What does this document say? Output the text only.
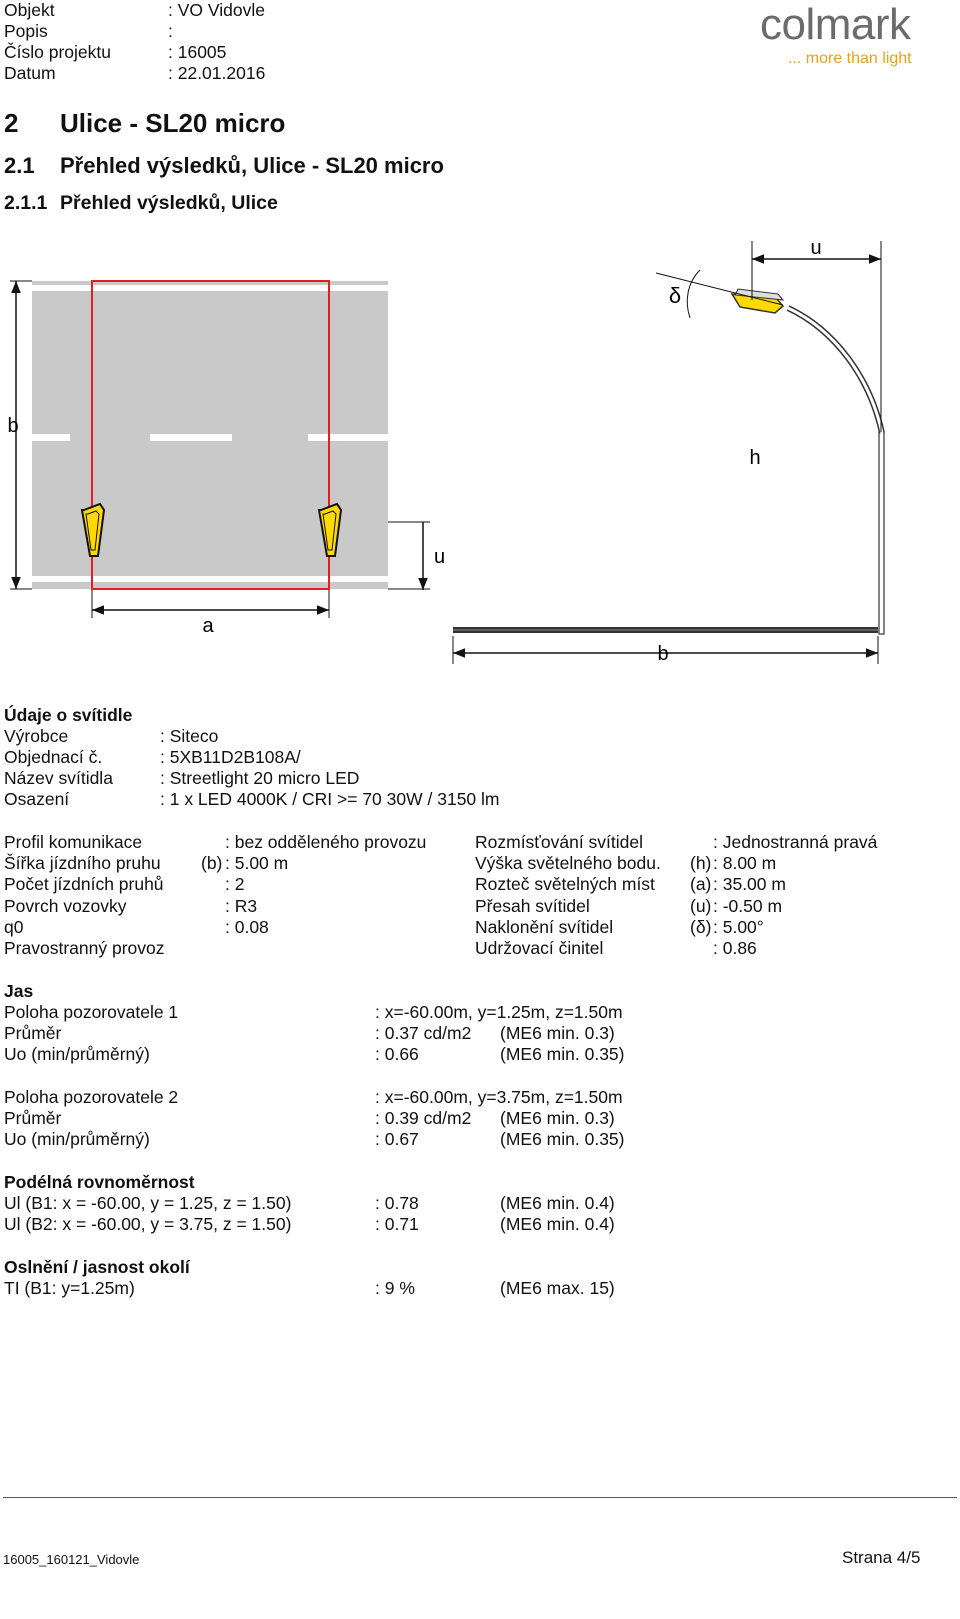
Objekt	: VO Vidovle
Popis	:
Číslo projektu	: 16005
Datum	: 22.01.2016
colmark
... more than light
2 Ulice - SL20 micro
2.1 Přehled výsledků, Ulice - SL20 micro
2.1.1 Přehled výsledků, Ulice
b
u
a
δ
u
h
b
Údaje o svítidle
Výrobce	: Siteco
Objednací č.	: 5XB11D2B108A/
Název svítidla	: Streetlight 20 micro LED
Osazení	: 1 x LED 4000K / CRI >= 70 30W / 3150 lm
Profil komunikace	: bez odděleného provozu
Šířka jízdního pruhu (b) : 5.00 m
Počet jízdních pruhů	: 2
Povrch vozovky	: R3
q0	: 0.08
Pravostranný provoz
Rozmísťování svítidel	: Jednostranná pravá
Výška světelného bodu. (h) : 8.00 m
Rozteč světelných míst (a) : 35.00 m
Přesah svítidel	(u) : -0.50 m
Naklonění svítidel	(δ) : 5.00°
Udržovací činitel	: 0.86
Jas
Poloha pozorovatele 1	: x=-60.00m, y=1.25m, z=1.50m
Průměr	: 0.37 cd/m2 (ME6 min. 0.3)
Uo (min/průměrný)	: 0.66	(ME6 min. 0.35)
Poloha pozorovatele 2	: x=-60.00m, y=3.75m, z=1.50m
Průměr	: 0.39 cd/m2 (ME6 min. 0.3)
Uo (min/průměrný)	: 0.67	(ME6 min. 0.35)
Podélná rovnoměrnost
Ul (B1: x = -60.00, y = 1.25, z = 1.50)	: 0.78	(ME6 min. 0.4)
Ul (B2: x = -60.00, y = 3.75, z = 1.50)	: 0.71	(ME6 min. 0.4)
Oslnění / jasnost okolí
TI (B1: y=1.25m)	: 9 %	(ME6 max. 15)
16005_160121_Vidovle	Strana 4/5
